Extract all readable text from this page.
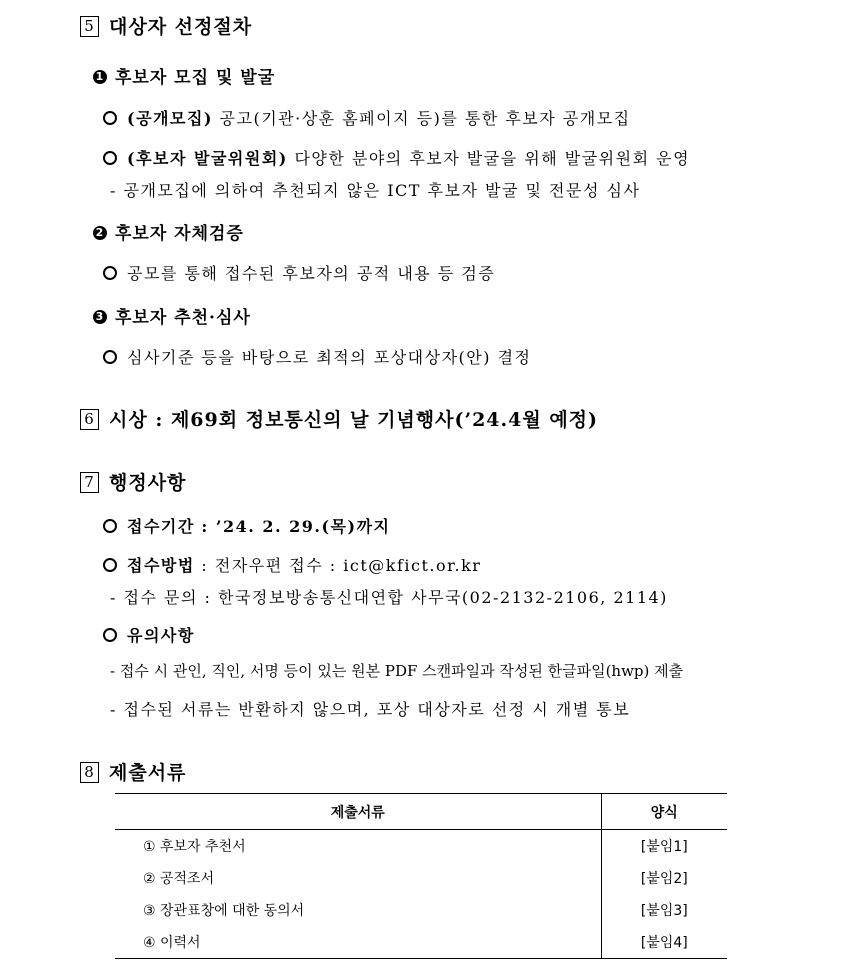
5 대상자 선정절차
1 후보자 모집 및 발굴
(공개모집) 공고(기관·상훈 홈페이지 등)를 통한 후보자 공개모집
(후보자 발굴위원회) 다양한 분야의 후보자 발굴을 위해 발굴위원회 운영
- 공개모집에 의하여 추천되지 않은 ICT 후보자 발굴 및 전문성 심사
2 후보자 자체검증
공모를 통해 접수된 후보자의 공적 내용 등 검증
3 후보자 추천·심사
심사기준 등을 바탕으로 최적의 포상대상자(안) 결정
6 시상 : 제69회 정보통신의 날 기념행사(’24.4월 예정)
7 행정사항
접수기간 : ’24. 2. 29.(목)까지
접수방법 : 전자우편 접수 : ict@kfict.or.kr
- 접수 문의 : 한국정보방송통신대연합 사무국(02-2132-2106, 2114)
유의사항
- 접수 시 관인, 직인, 서명 등이 있는 원본 PDF 스캔파일과 작성된 한글파일(hwp) 제출
- 접수된 서류는 반환하지 않으며, 포상 대상자로 선정 시 개별 통보
8 제출서류
제출서류	양식
① 후보자 추천서	[붙임1]
② 공적조서	[붙임2]
③ 장관표창에 대한 동의서	[붙임3]
④ 이력서	[붙임4]
